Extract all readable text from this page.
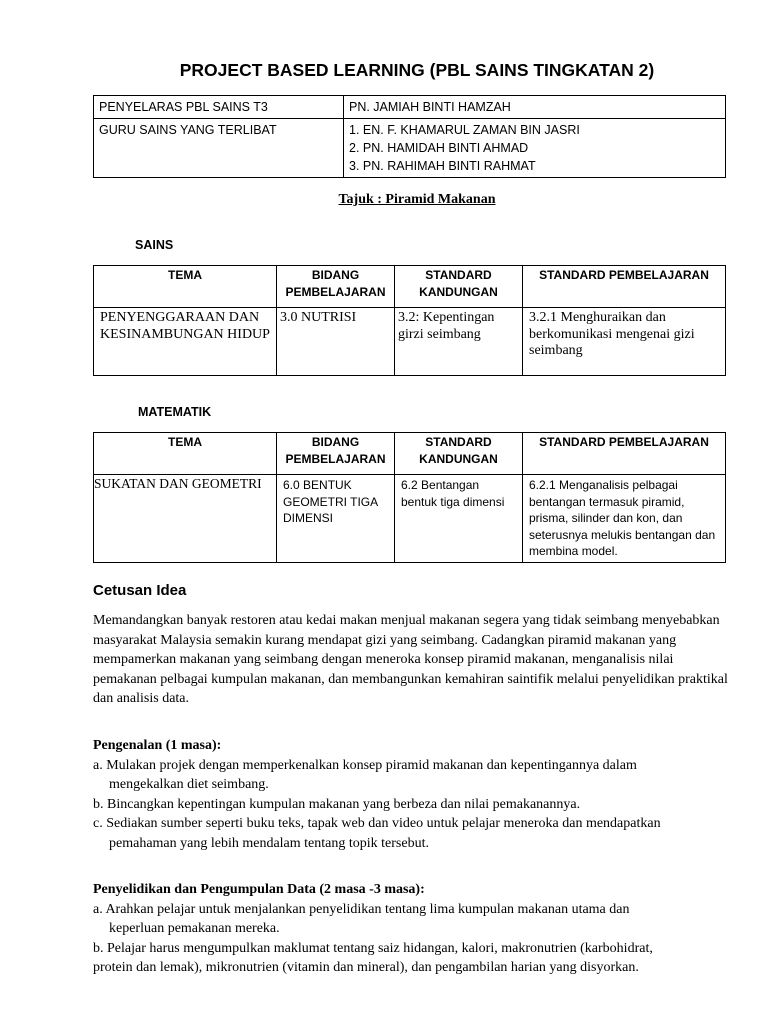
PROJECT BASED LEARNING (PBL SAINS TINGKATAN 2)
PENYELARAS PBL SAINS T3	PN. JAMIAH BINTI HAMZAH

GURU SAINS YANG TERLIBAT	1. EN. F. KHAMARUL ZAMAN BIN JASRI
2. PN. HAMIDAH BINTI AHMAD
3. PN. RAHIMAH BINTI RAHMAT
Tajuk : Piramid Makanan
SAINS
TEMA	BIDANG PEMBELAJARAN	STANDARD KANDUNGAN	STANDARD PEMBELAJARAN
PENYENGGARAAN DAN KESINAMBUNGAN HIDUP	3.0 NUTRISI	3.2: Kepentingan girzi seimbang	3.2.1 Menghuraikan dan berkomunikasi mengenai gizi seimbang
MATEMATIK
TEMA	BIDANG PEMBELAJARAN	STANDARD KANDUNGAN	STANDARD PEMBELAJARAN
SUKATAN DAN GEOMETRI	6.0 BENTUK GEOMETRI TIGA DIMENSI	6.2 Bentangan bentuk tiga dimensi	6.2.1 Menganalisis pelbagai bentangan termasuk piramid, prisma, silinder dan kon, dan seterusnya melukis bentangan dan membina model.
Cetusan Idea
Memandangkan banyak restoren atau kedai makan menjual makanan segera yang tidak seimbang menyebabkan masyarakat Malaysia semakin kurang mendapat gizi yang seimbang. Cadangkan piramid makanan yang mempamerkan makanan yang seimbang dengan meneroka konsep piramid makanan, menganalisis nilai pemakanan pelbagai kumpulan makanan, dan membangunkan kemahiran saintifik melalui penyelidikan praktikal dan analisis data.
Pengenalan (1 masa):
a. Mulakan projek dengan memperkenalkan konsep piramid makanan dan kepentingannya dalam
mengekalkan diet seimbang.
b. Bincangkan kepentingan kumpulan makanan yang berbeza dan nilai pemakanannya.
c. Sediakan sumber seperti buku teks, tapak web dan video untuk pelajar meneroka dan mendapatkan
pemahaman yang lebih mendalam tentang topik tersebut.
Penyelidikan dan Pengumpulan Data (2 masa -3 masa):
a. Arahkan pelajar untuk menjalankan penyelidikan tentang lima kumpulan makanan utama dan
keperluan pemakanan mereka.
b. Pelajar harus mengumpulkan maklumat tentang saiz hidangan, kalori, makronutrien (karbohidrat,
protein dan lemak), mikronutrien (vitamin dan mineral), dan pengambilan harian yang disyorkan.
